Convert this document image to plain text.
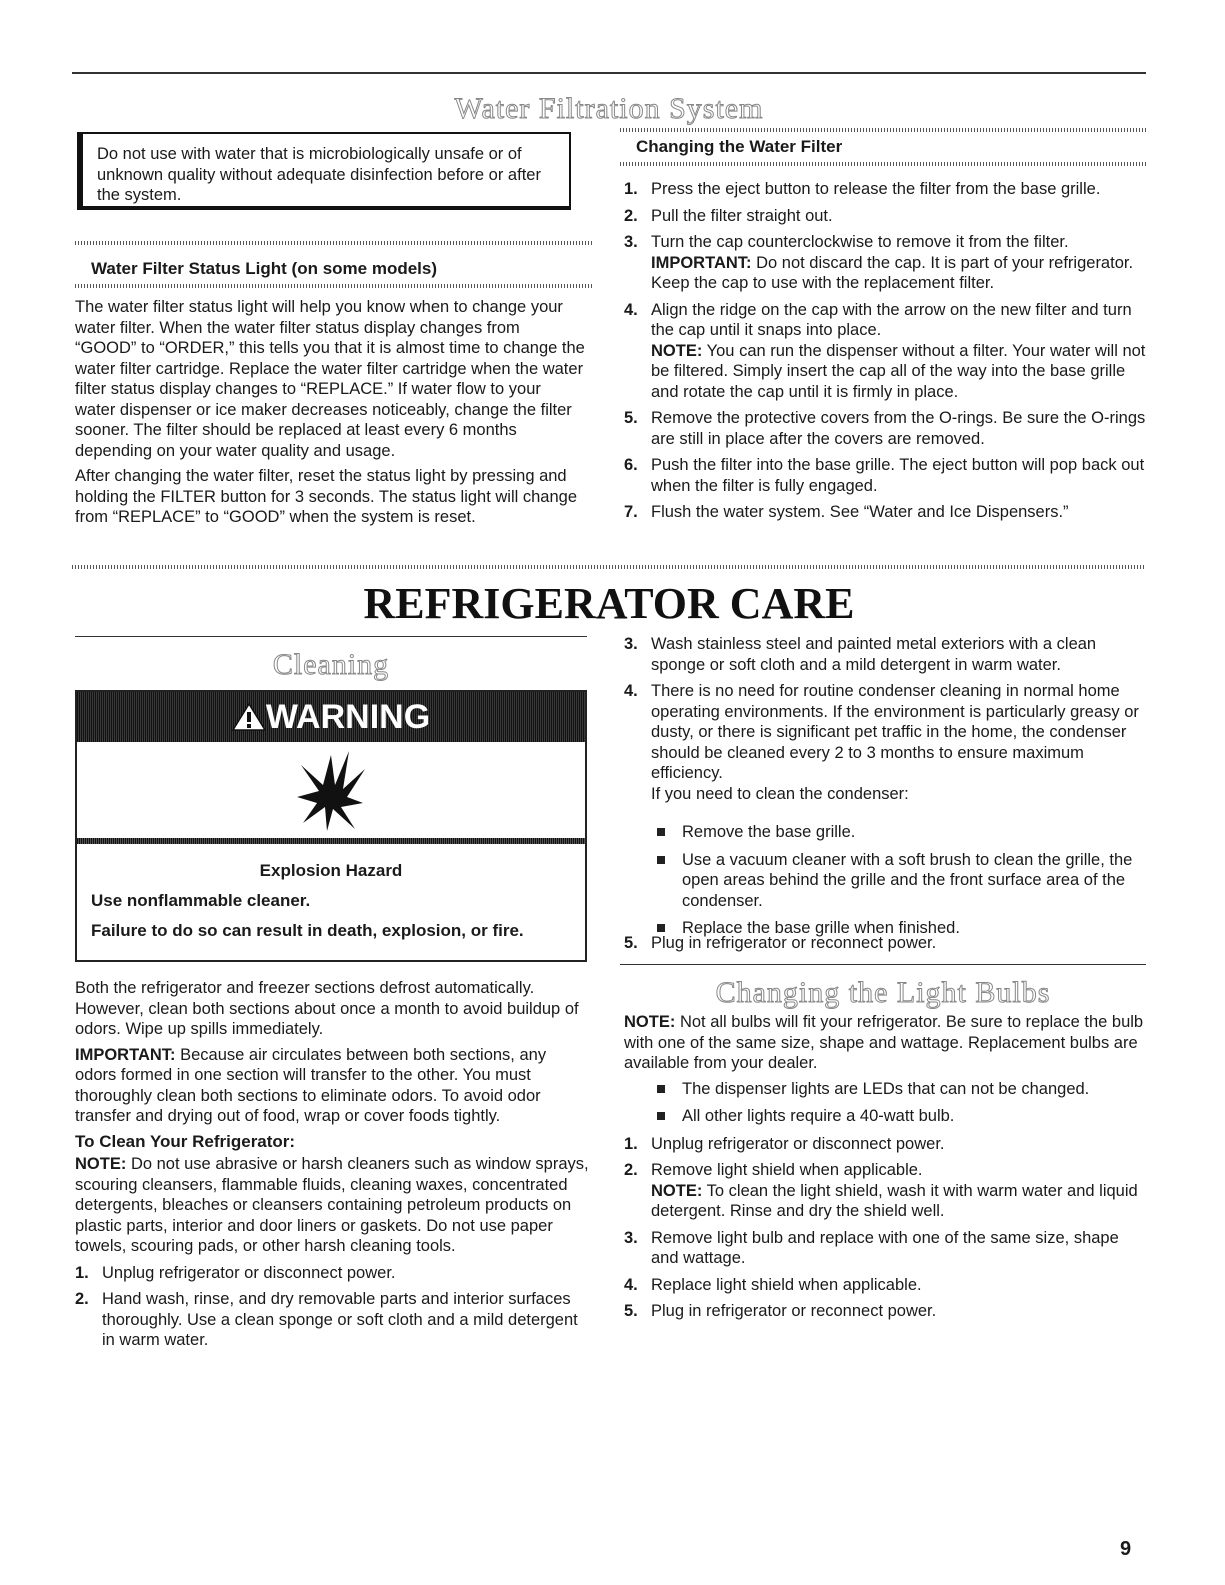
Water Filtration System
Do not use with water that is microbiologically unsafe or of unknown quality without adequate disinfection before or after the system.
Water Filter Status Light (on some models)

The water filter status light will help you know when to change your water filter. When the water filter status display changes from “GOOD” to “ORDER,” this tells you that it is almost time to change the water filter cartridge. Replace the water filter cartridge when the water filter status display changes to “REPLACE.” If water flow to your water dispenser or ice maker decreases noticeably, change the filter sooner. The filter should be replaced at least every 6 months depending on your water quality and usage.

After changing the water filter, reset the status light by pressing and holding the FILTER button for 3 seconds. The status light will change from “REPLACE” to “GOOD” when the system is reset.

Changing the Water Filter
1. Press the eject button to release the filter from the base grille.
2. Pull the filter straight out.
3. Turn the cap counterclockwise to remove it from the filter.

IMPORTANT: Do not discard the cap. It is part of your refrigerator. Keep the cap to use with the replacement filter.

4. Align the ridge on the cap with the arrow on the new filter and turn the cap until it snaps into place.

NOTE: You can run the dispenser without a filter. Your water will not be filtered. Simply insert the cap all of the way into the base grille and rotate the cap until it is firmly in place.

5. Remove the protective covers from the O-rings. Be sure the O-rings are still in place after the covers are removed.
6. Push the filter into the base grille. The eject button will pop back out when the filter is fully engaged.
7. Flush the water system. See “Water and Ice Dispensers.”
REFRIGERATOR CARE
Cleaning
WARNING
Explosion Hazard
Use nonflammable cleaner.
Failure to do so can result in death, explosion, or fire.

Both the refrigerator and freezer sections defrost automatically. However, clean both sections about once a month to avoid buildup of odors. Wipe up spills immediately.

IMPORTANT: Because air circulates between both sections, any odors formed in one section will transfer to the other. You must thoroughly clean both sections to eliminate odors. To avoid odor transfer and drying out of food, wrap or cover foods tightly.

To Clean Your Refrigerator:

NOTE: Do not use abrasive or harsh cleaners such as window sprays, scouring cleansers, flammable fluids, cleaning waxes, concentrated detergents, bleaches or cleansers containing petroleum products on plastic parts, interior and door liners or gaskets. Do not use paper towels, scouring pads, or other harsh cleaning tools.

1. Unplug refrigerator or disconnect power.
2. Hand wash, rinse, and dry removable parts and interior surfaces thoroughly. Use a clean sponge or soft cloth and a mild detergent in warm water.
3. Wash stainless steel and painted metal exteriors with a clean sponge or soft cloth and a mild detergent in warm water.
4. There is no need for routine condenser cleaning in normal home operating environments. If the environment is particularly greasy or dusty, or there is significant pet traffic in the home, the condenser should be cleaned every 2 to 3 months to ensure maximum efficiency.

If you need to clean the condenser:

Remove the base grille.
Use a vacuum cleaner with a soft brush to clean the grille, the open areas behind the grille and the front surface area of the condenser.
Replace the base grille when finished.
5. Plug in refrigerator or reconnect power.
Changing the Light Bulbs

NOTE: Not all bulbs will fit your refrigerator. Be sure to replace the bulb with one of the same size, shape and wattage. Replacement bulbs are available from your dealer.

The dispenser lights are LEDs that can not be changed.
All other lights require a 40-watt bulb.
1. Unplug refrigerator or disconnect power.
2. Remove light shield when applicable.

NOTE: To clean the light shield, wash it with warm water and liquid detergent. Rinse and dry the shield well.

3. Remove light bulb and replace with one of the same size, shape and wattage.
4. Replace light shield when applicable.
5. Plug in refrigerator or reconnect power.
9
